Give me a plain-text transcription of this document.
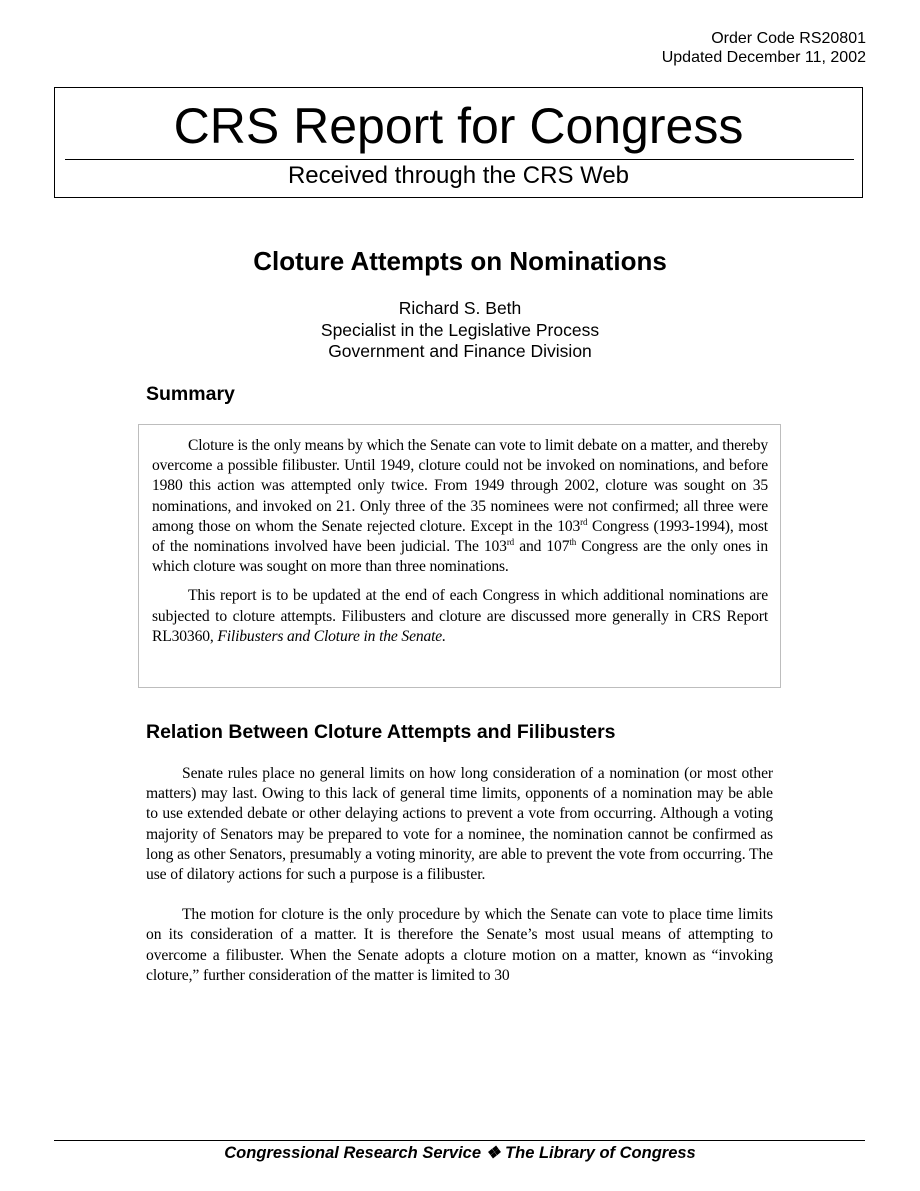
Order Code RS20801
Updated December 11, 2002
CRS Report for Congress
Received through the CRS Web
Cloture Attempts on Nominations
Richard S. Beth
Specialist in the Legislative Process
Government and Finance Division
Summary

Cloture is the only means by which the Senate can vote to limit debate on a matter, and thereby overcome a possible filibuster. Until 1949, cloture could not be invoked on nominations, and before 1980 this action was attempted only twice. From 1949 through 2002, cloture was sought on 35 nominations, and invoked on 21. Only three of the 35 nominees were not confirmed; all three were among those on whom the Senate rejected cloture. Except in the 103rd Congress (1993-1994), most of the nominations involved have been judicial. The 103rd and 107th Congress are the only ones in which cloture was sought on more than three nominations.

This report is to be updated at the end of each Congress in which additional nominations are subjected to cloture attempts. Filibusters and cloture are discussed more generally in CRS Report RL30360, Filibusters and Cloture in the Senate.

Relation Between Cloture Attempts and Filibusters

Senate rules place no general limits on how long consideration of a nomination (or most other matters) may last. Owing to this lack of general time limits, opponents of a nomination may be able to use extended debate or other delaying actions to prevent a vote from occurring. Although a voting majority of Senators may be prepared to vote for a nominee, the nomination cannot be confirmed as long as other Senators, presumably a voting minority, are able to prevent the vote from occurring. The use of dilatory actions for such a purpose is a filibuster.

The motion for cloture is the only procedure by which the Senate can vote to place time limits on its consideration of a matter. It is therefore the Senate’s most usual means of attempting to overcome a filibuster. When the Senate adopts a cloture motion on a matter, known as “invoking cloture,” further consideration of the matter is limited to 30

Congressional Research Service ❖ The Library of Congress
